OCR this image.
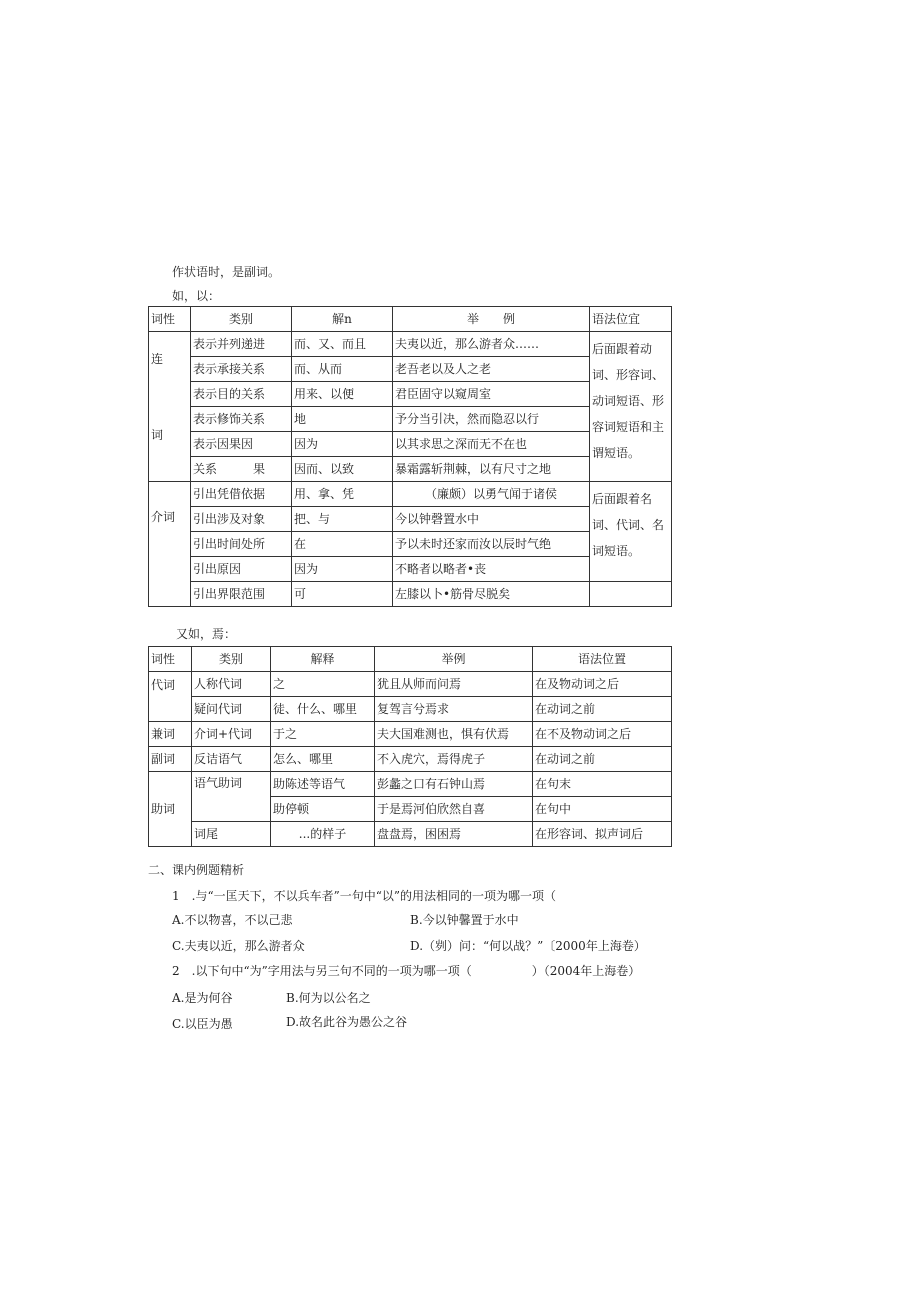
作状语时，是副词。
如，以：
词性	类别	解n	举　　例	语法位宜

连
词	表示并列递进	而、又、而且	夫夷以近，那么游者众……	后面跟着动词、形容词、动词短语、形容词短语和主谓短语。
	表示承接关系	而、从而	老吾老以及人之老	
	表示目的关系	用来、以便	君臣固守以窥周室	
	表示修饰关系	地	予分当引决，然而隐忍以行	
	表示因果因	因为	以其求思之深而无不在也	
	关系　　　果	因而、以致	暴霜露斩荆棘，以有尺寸之地	

介词	引出凭借依据	用、拿、凭	（廉颇）以勇气闻于诸侯	后面跟着名词、代词、名词短语。
	引出涉及对象	把、与	今以钟磬置水中	
	引出时间处所	在	予以未时还家而汝以辰时气绝	
	引出原因	因为	不略者以略者•丧	
	引出界限范围	可	左膝以卜•筋骨尽脱矣	
又如，焉：
词性	类别	解释	举例	语法位置
代词	人称代词	之	犹且从师而问焉	在及物动词之后
	疑问代词	徒、什么、哪里	复驾言兮焉求	在动词之前
兼词	介词+代词	于之	夫大国难测也，惧有伏焉	在不及物动词之后
副词	反诘语气	怎么、哪里	不入虎穴，焉得虎子	在动词之前
助词	语气助词	助陈述等语气	彭蠡之口有石钟山焉	在句末
		助停顿	于是焉河伯欣然自喜	在句中
	词尾	...的样子	盘盘焉，困困焉	在形容词、拟声词后
二、课内例题精析
1　.与“一匡天下，不以兵车者”一句中“以”的用法相同的一项为哪一项（
A.不以物喜，不以己悲	B.今以钟馨置于水中
C.夫夷以近，那么游者众	D.（刿）问：“何以战？”〔2000年上海卷）
2　.以下句中“为”字用法与另三句不同的一项为哪一项（　　　　　）（2004年上海卷）
A.是为何谷	B.何为以公名之
C.以臣为愚	D.故名此谷为愚公之谷
